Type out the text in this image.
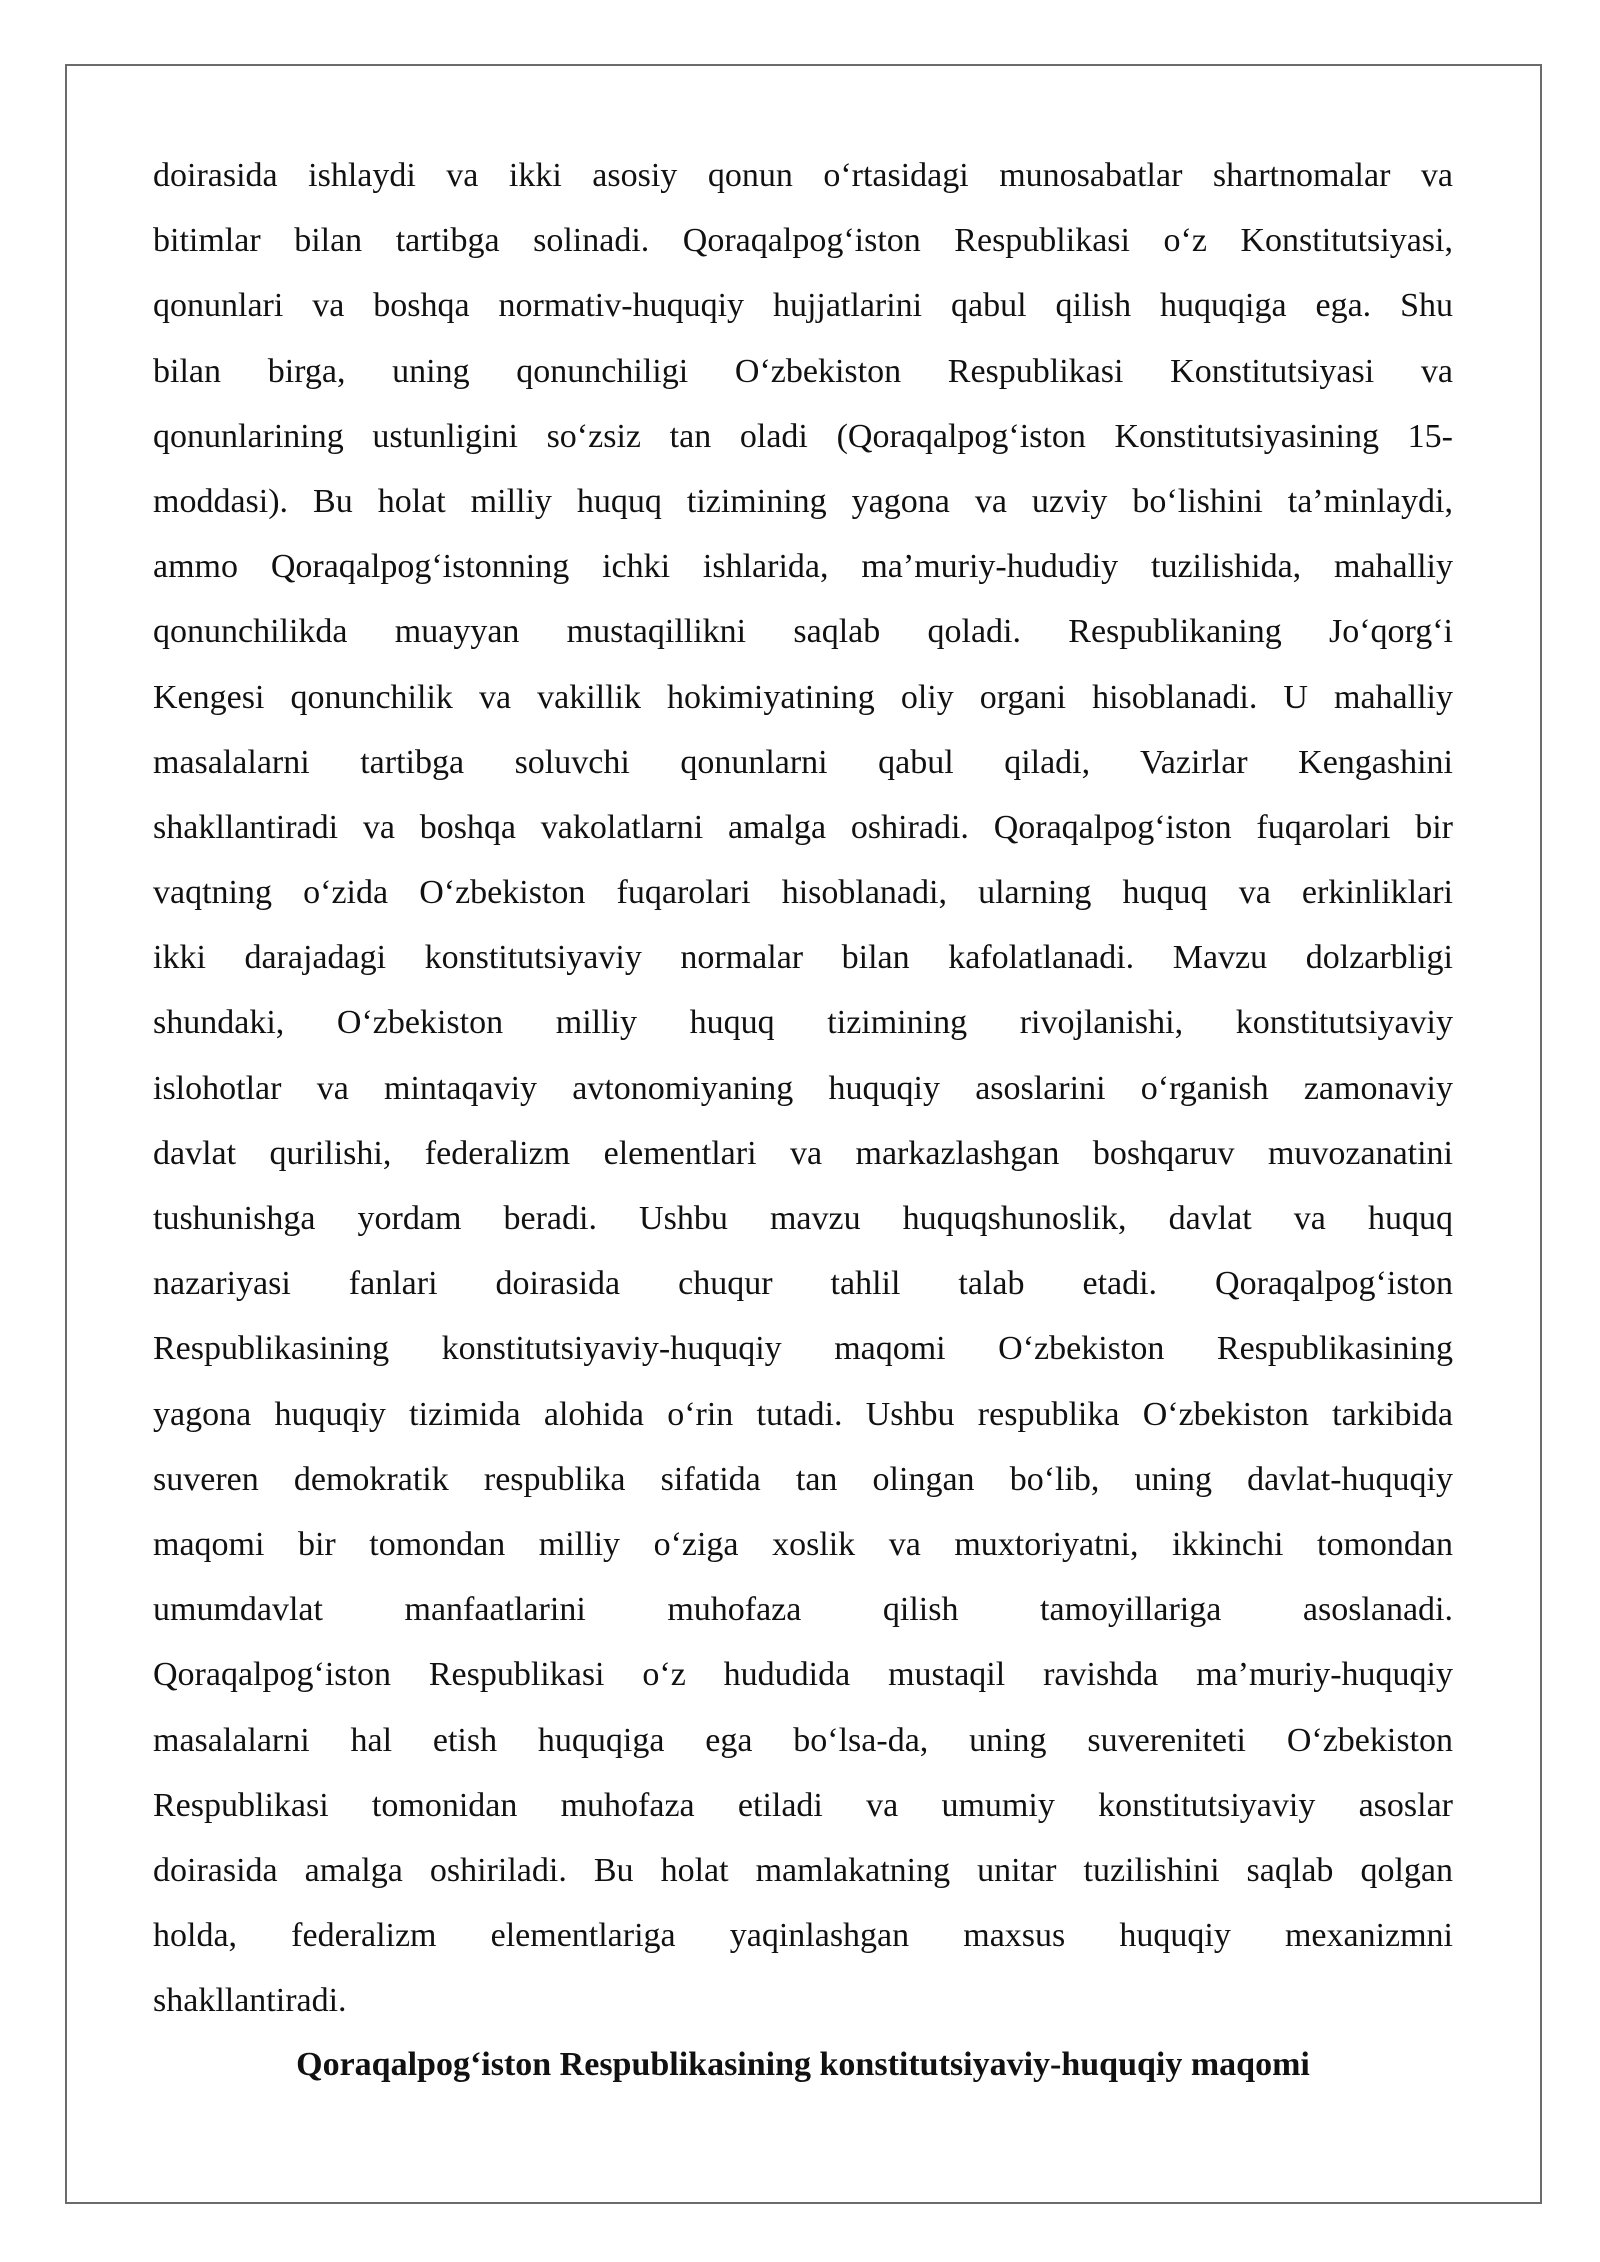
doirasida ishlaydi va ikki asosiy qonun o‘rtasidagi munosabatlar shartnomalar va
bitimlar bilan tartibga solinadi. Qoraqalpog‘iston Respublikasi o‘z Konstitutsiyasi,
qonunlari va boshqa normativ-huquqiy hujjatlarini qabul qilish huquqiga ega. Shu
bilan birga, uning qonunchiligi O‘zbekiston Respublikasi Konstitutsiyasi va
qonunlarining ustunligini so‘zsiz tan oladi (Qoraqalpog‘iston Konstitutsiyasining 15-
moddasi). Bu holat milliy huquq tizimining yagona va uzviy bo‘lishini ta’minlaydi,
ammo Qoraqalpog‘istonning ichki ishlarida, ma’muriy-hududiy tuzilishida, mahalliy
qonunchilikda muayyan mustaqillikni saqlab qoladi. Respublikaning Jo‘qorg‘i
Kengesi qonunchilik va vakillik hokimiyatining oliy organi hisoblanadi. U mahalliy
masalalarni tartibga soluvchi qonunlarni qabul qiladi, Vazirlar Kengashini
shakllantiradi va boshqa vakolatlarni amalga oshiradi. Qoraqalpog‘iston fuqarolari bir
vaqtning o‘zida O‘zbekiston fuqarolari hisoblanadi, ularning huquq va erkinliklari
ikki darajadagi konstitutsiyaviy normalar bilan kafolatlanadi. Mavzu dolzarbligi
shundaki, O‘zbekiston milliy huquq tizimining rivojlanishi, konstitutsiyaviy
islohotlar va mintaqaviy avtonomiyaning huquqiy asoslarini o‘rganish zamonaviy
davlat qurilishi, federalizm elementlari va markazlashgan boshqaruv muvozanatini
tushunishga yordam beradi. Ushbu mavzu huquqshunoslik, davlat va huquq
nazariyasi fanlari doirasida chuqur tahlil talab etadi. Qoraqalpog‘iston
Respublikasining konstitutsiyaviy-huquqiy maqomi O‘zbekiston Respublikasining
yagona huquqiy tizimida alohida o‘rin tutadi. Ushbu respublika O‘zbekiston tarkibida
suveren demokratik respublika sifatida tan olingan bo‘lib, uning davlat-huquqiy
maqomi bir tomondan milliy o‘ziga xoslik va muxtoriyatni, ikkinchi tomondan
umumdavlat manfaatlarini muhofaza qilish tamoyillariga asoslanadi.
Qoraqalpog‘iston Respublikasi o‘z hududida mustaqil ravishda ma’muriy-huquqiy
masalalarni hal etish huquqiga ega bo‘lsa-da, uning suvereniteti O‘zbekiston
Respublikasi tomonidan muhofaza etiladi va umumiy konstitutsiyaviy asoslar
doirasida amalga oshiriladi. Bu holat mamlakatning unitar tuzilishini saqlab qolgan
holda, federalizm elementlariga yaqinlashgan maxsus huquqiy mexanizmni
shakllantiradi.
Qoraqalpog‘iston Respublikasining konstitutsiyaviy-huquqiy maqomi
